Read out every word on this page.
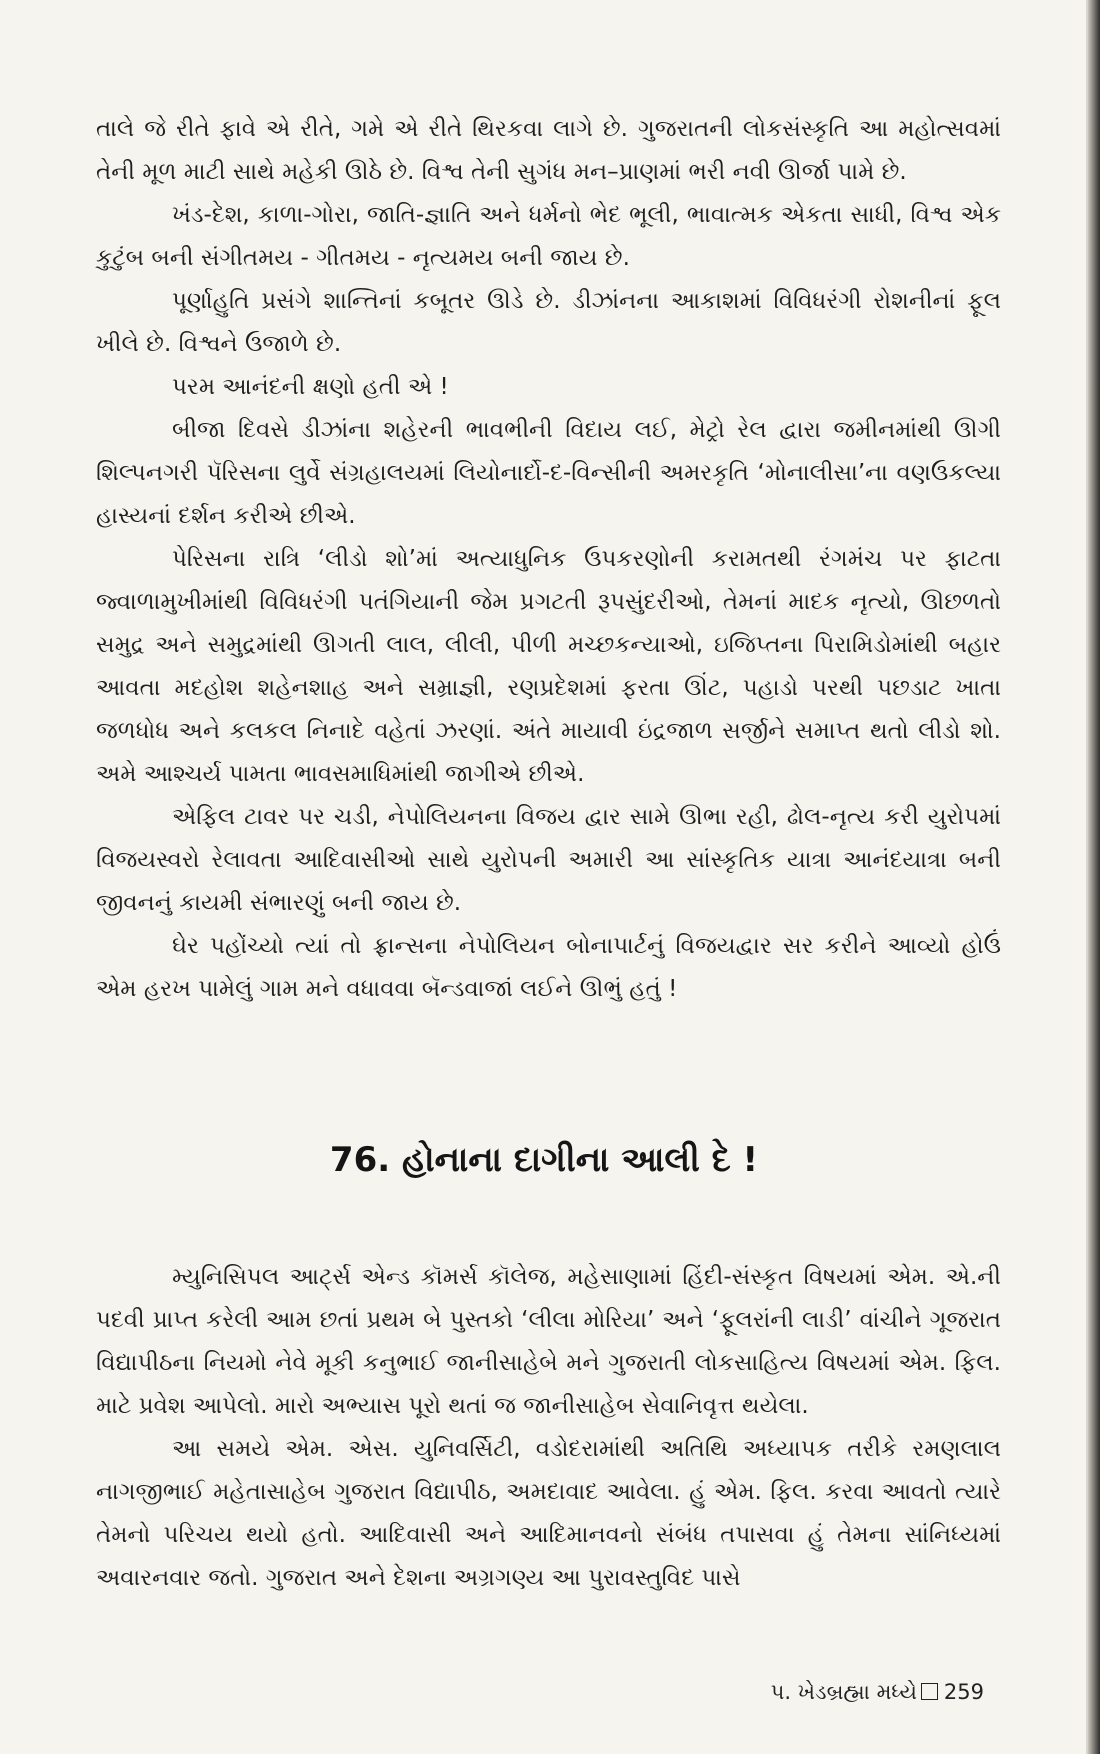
તાલે જે રીતે ફાવે એ રીતે, ગમે એ રીતે થિરકવા લાગે છે. ગુજરાતની લોકસંસ્કૃતિ આ મહોત્સવમાં તેની મૂળ માટી સાથે મહેકી ઊઠે છે. વિશ્વ તેની સુગંધ મન–પ્રાણમાં ભરી નવી ઊર્જા પામે છે.

ખંડ-દેશ, કાળા-ગોરા, જાતિ-જ્ઞાતિ અને ધર્મનો ભેદ ભૂલી, ભાવાત્મક એકતા સાધી, વિશ્વ એક કુટુંબ બની સંગીતમય - ગીતમય - નૃત્યમય બની જાય છે.

પૂર્ણાહુતિ પ્રસંગે શાન્તિનાં કબૂતર ઊડે છે. ડીઝાંનના આકાશમાં વિવિધરંગી રોશનીનાં ફૂલ ખીલે છે. વિશ્વને ઉજાળે છે.

પરમ આનંદની ક્ષણો હતી એ !

બીજા દિવસે ડીઝાંના શહેરની ભાવભીની વિદાય લઈ, મેટ્રો રેલ દ્વારા જમીનમાંથી ઊગી શિલ્પનગરી પૅરિસના લુર્વે સંગ્રહાલયમાં લિયોનાર્દો-દ-વિન્સીની અમરકૃતિ ‘મોનાલીસા’ના વણઉકલ્યા હાસ્યનાં દર્શન કરીએ છીએ.

પેરિસના રાત્રિ ‘લીડો શો’માં અત્યાધુનિક ઉપકરણોની કરામતથી રંગમંચ પર ફાટતા જ્વાળામુખીમાંથી વિવિધરંગી પતંગિયાની જેમ પ્રગટતી રૂપસુંદરીઓ, તેમનાં માદક નૃત્યો, ઊછળતો સમુદ્ર અને સમુદ્રમાંથી ઊગતી લાલ, લીલી, પીળી મચ્છકન્યાઓ, ઇજિપ્તના પિરામિડોમાંથી બહાર આવતા મદહોશ શહેનશાહ અને સમ્રાજ્ઞી, રણપ્રદેશમાં ફરતા ઊંટ, પહાડો પરથી પછડાટ ખાતા જળધોધ અને કલકલ નિનાદે વહેતાં ઝરણાં. અંતે માયાવી ઇંદ્રજાળ સર્જીને સમાપ્ત થતો લીડો શો. અમે આશ્ચર્ય પામતા ભાવસમાધિમાંથી જાગીએ છીએ.

એફિલ ટાવર પર ચડી, નેપોલિયનના વિજય દ્વાર સામે ઊભા રહી, ઢોલ-નૃત્ય કરી યુરોપમાં વિજયસ્વરો રેલાવતા આદિવાસીઓ સાથે યુરોપની અમારી આ સાંસ્કૃતિક યાત્રા આનંદયાત્રા બની જીવનનું કાયમી સંભારણું બની જાય છે.

ઘેર પહોંચ્યો ત્યાં તો ફ્રાન્સના નેપોલિયન બોનાપાર્ટનું વિજયદ્વાર સર કરીને આવ્યો હોઉં એમ હરખ પામેલું ગામ મને વધાવવા બૅન્ડવાજાં લઈને ઊભું હતું !

76. હોનાના દાગીના આલી દે !

મ્યુનિસિપલ આર્ટ્સ એન્ડ કૉમર્સ કૉલેજ, મહેસાણામાં હિંદી-સંસ્કૃત વિષયમાં એમ. એ.ની પદવી પ્રાપ્ત કરેલી આમ છતાં પ્રથમ બે પુસ્તકો ‘લીલા મોરિયા’ અને ‘ફૂલરાંની લાડી’ વાંચીને ગૂજરાત વિદ્યાપીઠના નિયમો નેવે મૂકી કનુભાઈ જાનીસાહેબે મને ગુજરાતી લોકસાહિત્ય વિષયમાં એમ. ફિલ. માટે પ્રવેશ આપેલો. મારો અભ્યાસ પૂરો થતાં જ જાનીસાહેબ સેવાનિવૃત્ત થયેલા.

આ સમયે એમ. એસ. યુનિવર્સિટી, વડોદરામાંથી અતિથિ અધ્યાપક તરીકે રમણલાલ નાગજીભાઈ મહેતાસાહેબ ગુજરાત વિદ્યાપીઠ, અમદાવાદ આવેલા. હું એમ. ફિલ. કરવા આવતો ત્યારે તેમનો પરિચય થયો હતો. આદિવાસી અને આદિમાનવનો સંબંધ તપાસવા હું તેમના સાંનિધ્યમાં અવારનવાર જતો. ગુજરાત અને દેશના અગ્રગણ્ય આ પુરાવસ્તુવિદ પાસે

પ. ખેડબ્રહ્મા મધ્યે 259
